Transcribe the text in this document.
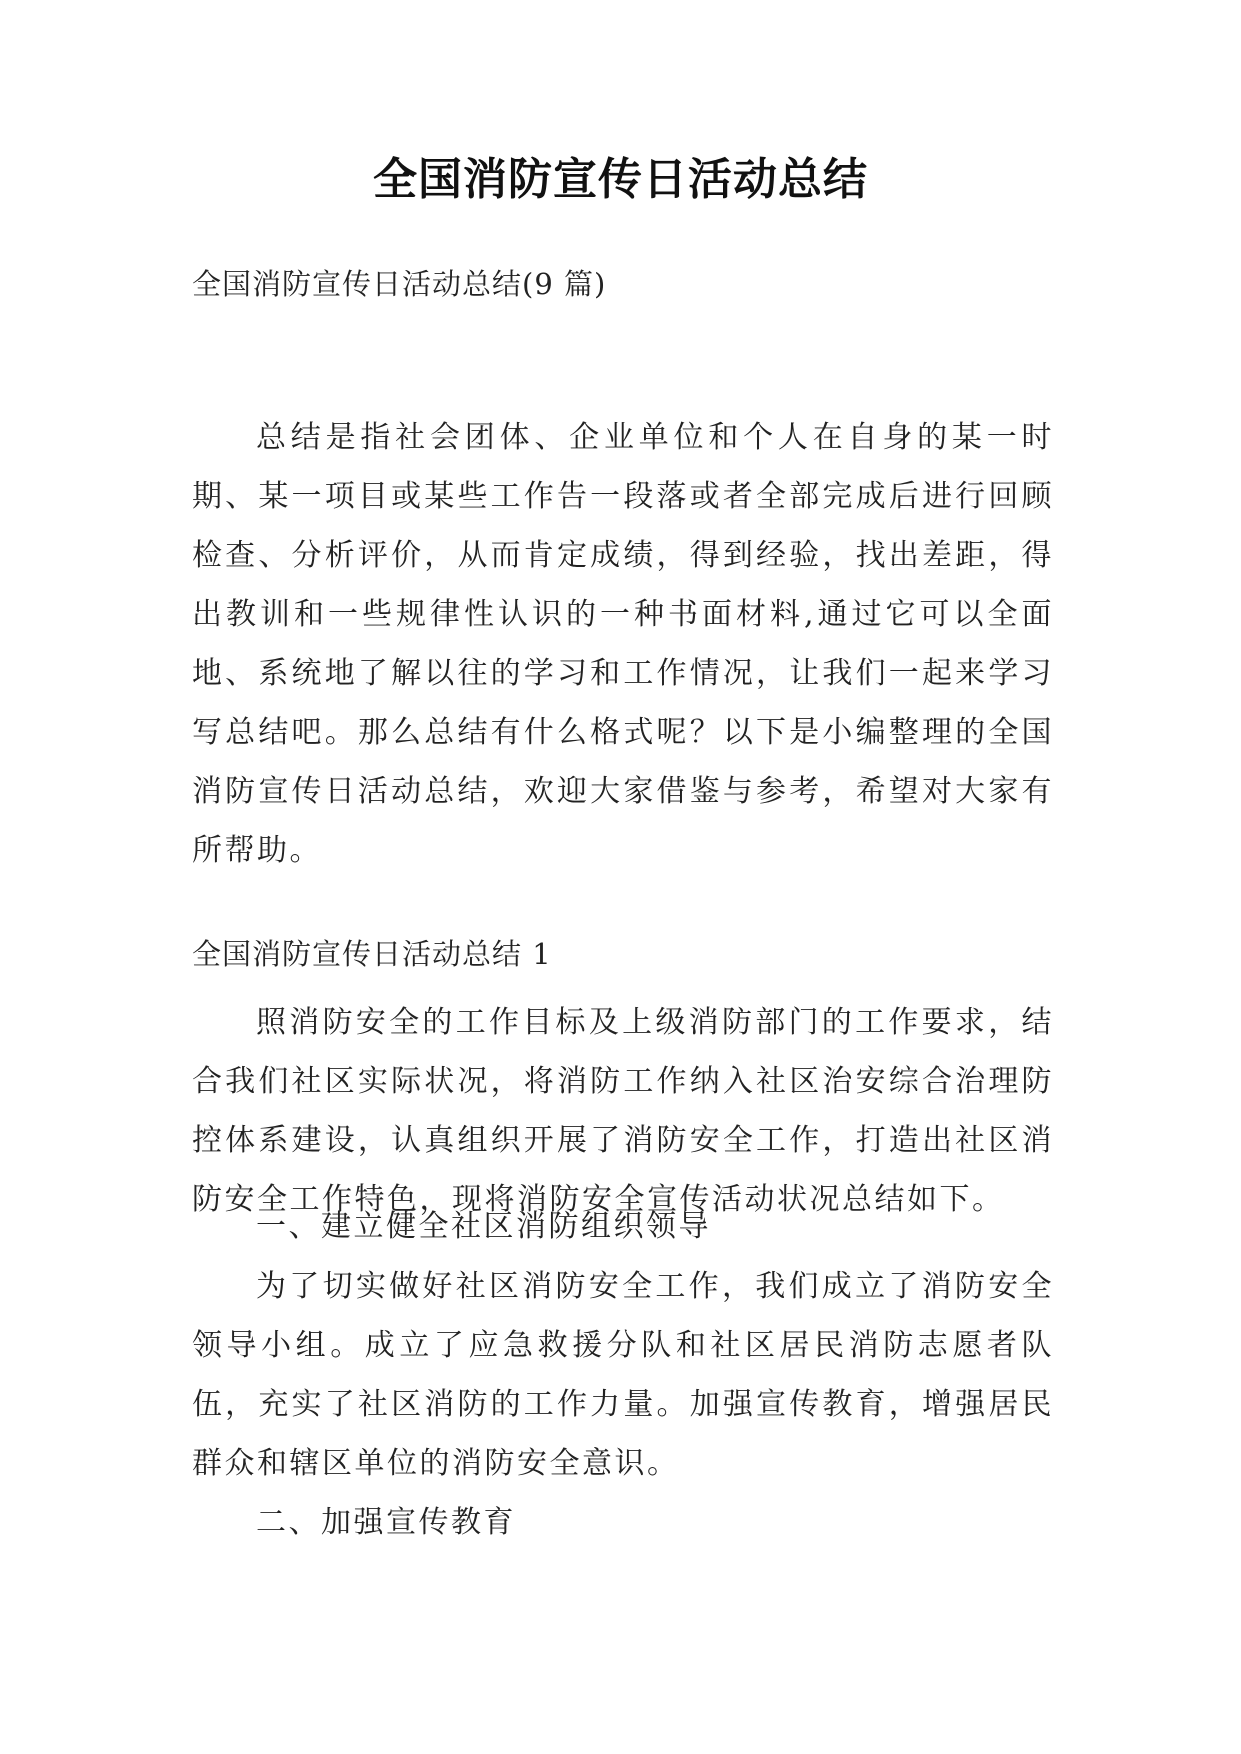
全国消防宣传日活动总结
全国消防宣传日活动总结(9 篇)
总结是指社会团体、企业单位和个人在自身的某一时期、某一项目或某些工作告一段落或者全部完成后进行回顾检查、分析评价，从而肯定成绩，得到经验，找出差距，得出教训和一些规律性认识的一种书面材料,通过它可以全面地、系统地了解以往的学习和工作情况，让我们一起来学习写总结吧。那么总结有什么格式呢？以下是小编整理的全国消防宣传日活动总结，欢迎大家借鉴与参考，希望对大家有所帮助。
全国消防宣传日活动总结 1
照消防安全的工作目标及上级消防部门的工作要求，结合我们社区实际状况，将消防工作纳入社区治安综合治理防控体系建设，认真组织开展了消防安全工作，打造出社区消防安全工作特色，现将消防安全宣传活动状况总结如下。
一、建立健全社区消防组织领导
为了切实做好社区消防安全工作，我们成立了消防安全领导小组。成立了应急救援分队和社区居民消防志愿者队伍，充实了社区消防的工作力量。加强宣传教育，增强居民群众和辖区单位的消防安全意识。
二、加强宣传教育
